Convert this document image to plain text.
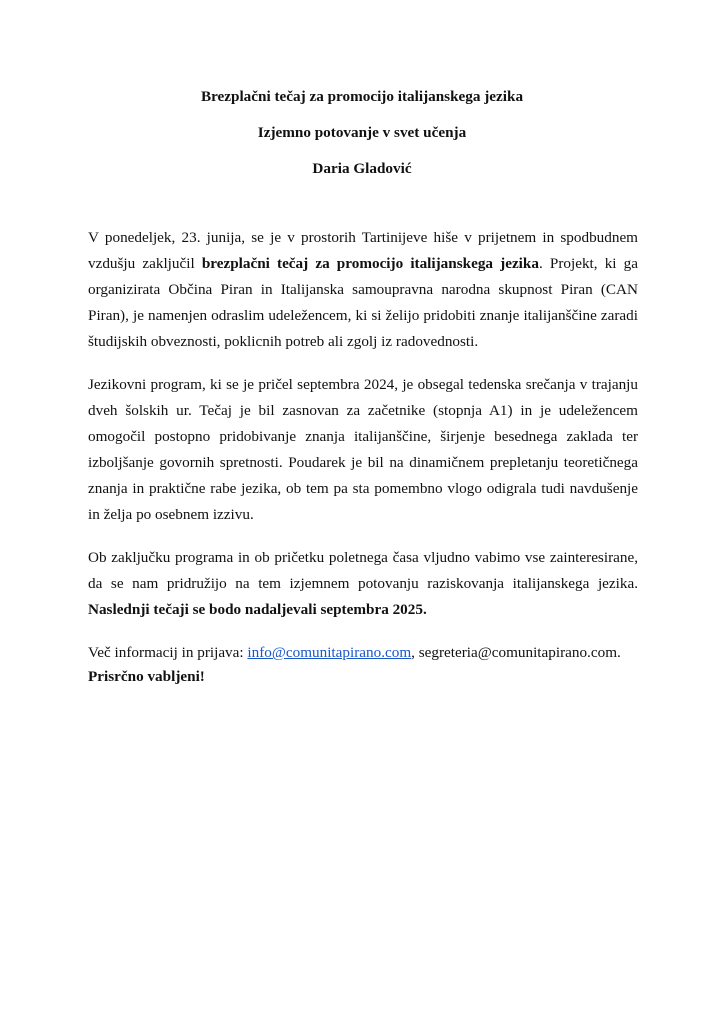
Brezplačni tečaj za promocijo italijanskega jezika
Izjemno potovanje v svet učenja
Daria Gladović

V ponedeljek, 23. junija, se je v prostorih Tartinijeve hiše v prijetnem in spodbudnem vzdušju zaključil brezplačni tečaj za promocijo italijanskega jezika. Projekt, ki ga organizirata Občina Piran in Italijanska samoupravna narodna skupnost Piran (CAN Piran), je namenjen odraslim udeležencem, ki si želijo pridobiti znanje italijanščine zaradi študijskih obveznosti, poklicnih potreb ali zgolj iz radovednosti.

Jezikovni program, ki se je pričel septembra 2024, je obsegal tedenska srečanja v trajanju dveh šolskih ur. Tečaj je bil zasnovan za začetnike (stopnja A1) in je udeležencem omogočil postopno pridobivanje znanja italijanščine, širjenje besednega zaklada ter izboljšanje govornih spretnosti. Poudarek je bil na dinamičnem prepletanju teoretičnega znanja in praktične rabe jezika, ob tem pa sta pomembno vlogo odigrala tudi navdušenje in želja po osebnem izzivu.

Ob zaključku programa in ob pričetku poletnega časa vljudno vabimo vse zainteresirane, da se nam pridružijo na tem izjemnem potovanju raziskovanja italijanskega jezika. Naslednji tečaji se bodo nadaljevali septembra 2025.

Več informacij in prijava: info@comunitapirano.com, segreteria@comunitapirano.com.

Prisrčno vabljeni!
